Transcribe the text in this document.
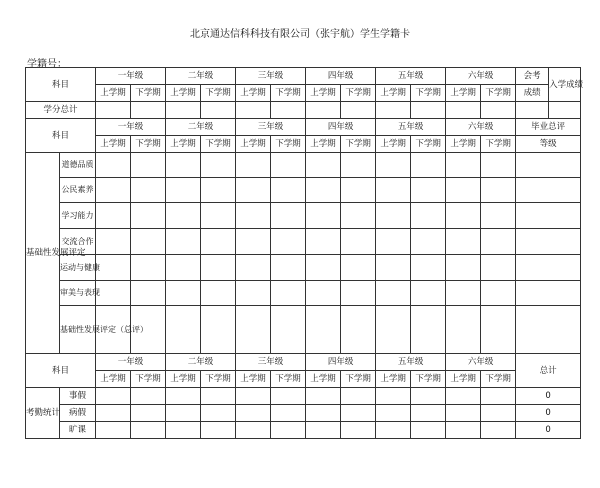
北京通达信科科技有限公司（张宇航）学生学籍卡
学籍号：
科目		一年级		二年级		三年级		四年级		五年级		六年级		会考	入学成绩
		上学期	下学期	上学期	下学期	上学期	下学期	上学期	下学期	上学期	下学期	上学期	下学期	成绩	
学分总计															
科目		一年级		二年级		三年级		四年级		五年级		六年级		毕业总评	
		上学期	下学期	上学期	下学期	上学期	下学期	上学期	下学期	上学期	下学期	上学期	下学期	等级	
基础性发展评定	道德品质														
	公民素养														
	学习能力														
	交流合作														
	运动与健康														
	审美与表现														
	基础性发展评定（总评）														
科目		一年级		二年级		三年级		四年级		五年级		六年级		总计	
		上学期	下学期	上学期	下学期	上学期	下学期	上学期	下学期	上学期	下学期	上学期	下学期		
考勤统计	事假													0	
	病假													0	
	旷课													0	
